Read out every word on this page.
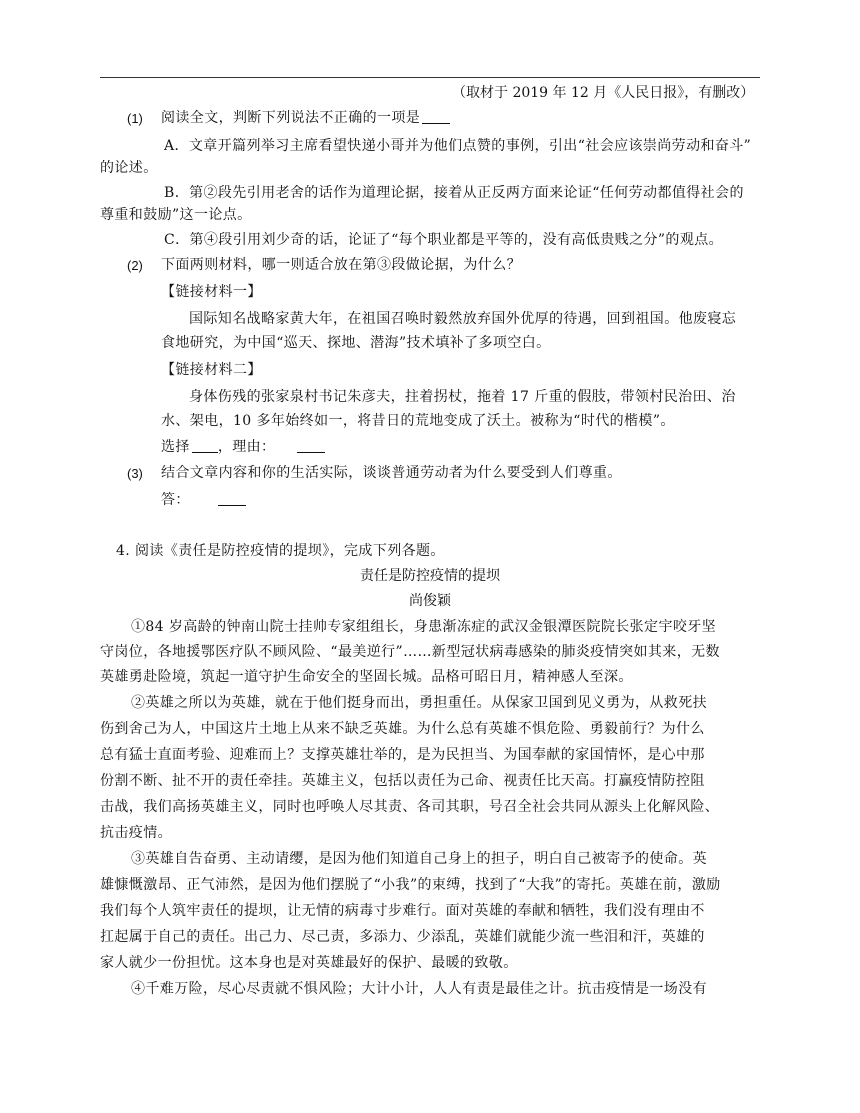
（取材于 2019 年 12 月《人民日报》，有删改）
(1) 阅读全文，判断下列说法不正确的一项是
A．文章开篇列举习主席看望快递小哥并为他们点赞的事例，引出“社会应该崇尚劳动和奋斗”
的论述。
B．第②段先引用老舍的话作为道理论据，接着从正反两方面来论证“任何劳动都值得社会的
尊重和鼓励”这一论点。
C．第④段引用刘少奇的话，论证了“每个职业都是平等的，没有高低贵贱之分”的观点。
(2) 下面两则材料，哪一则适合放在第③段做论据，为什么？
【链接材料一】
国际知名战略家黄大年，在祖国召唤时毅然放弃国外优厚的待遇，回到祖国。他废寝忘
食地研究，为中国“巡天、探地、潜海”技术填补了多项空白。
【链接材料二】
身体伤残的张家泉村书记朱彦夫，拄着拐杖，拖着 17 斤重的假肢，带领村民治田、治
水、架电，10 多年始终如一，将昔日的荒地变成了沃土。被称为“时代的楷模”。
选择 ，理由：
(3) 结合文章内容和你的生活实际，谈谈普通劳动者为什么要受到人们尊重。
答：
4. 阅读《责任是防控疫情的提坝》，完成下列各题。
责任是防控疫情的提坝
尚俊颖
①84 岁高龄的钟南山院士挂帅专家组组长，身患渐冻症的武汉金银潭医院院长张定宇咬牙坚
守岗位，各地援鄂医疗队不顾风险、“最美逆行”……新型冠状病毒感染的肺炎疫情突如其来，无数
英雄勇赴险境，筑起一道守护生命安全的坚固长城。品格可昭日月，精神感人至深。
②英雄之所以为英雄，就在于他们挺身而出，勇担重任。从保家卫国到见义勇为，从救死扶
伤到舍己为人，中国这片土地上从来不缺乏英雄。为什么总有英雄不惧危险、勇毅前行？为什么
总有猛士直面考验、迎难而上？支撑英雄壮举的，是为民担当、为国奉献的家国情怀，是心中那
份割不断、扯不开的责任牵挂。英雄主义，包括以责任为己命、视责任比天高。打赢疫情防控阻
击战，我们高扬英雄主义，同时也呼唤人尽其责、各司其职，号召全社会共同从源头上化解风险、
抗击疫情。
③英雄自告奋勇、主动请缨，是因为他们知道自己身上的担子，明白自己被寄予的使命。英
雄慷慨激昂、正气沛然，是因为他们摆脱了“小我”的束缚，找到了“大我”的寄托。英雄在前，激励
我们每个人筑牢责任的提坝，让无情的病毒寸步难行。面对英雄的奉献和牺牲，我们没有理由不
扛起属于自己的责任。出己力、尽己责，多添力、少添乱，英雄们就能少流一些泪和汗，英雄的
家人就少一份担忧。这本身也是对英雄最好的保护、最暖的致敬。
④千难万险，尽心尽责就不惧风险；大计小计，人人有责是最佳之计。抗击疫情是一场没有
